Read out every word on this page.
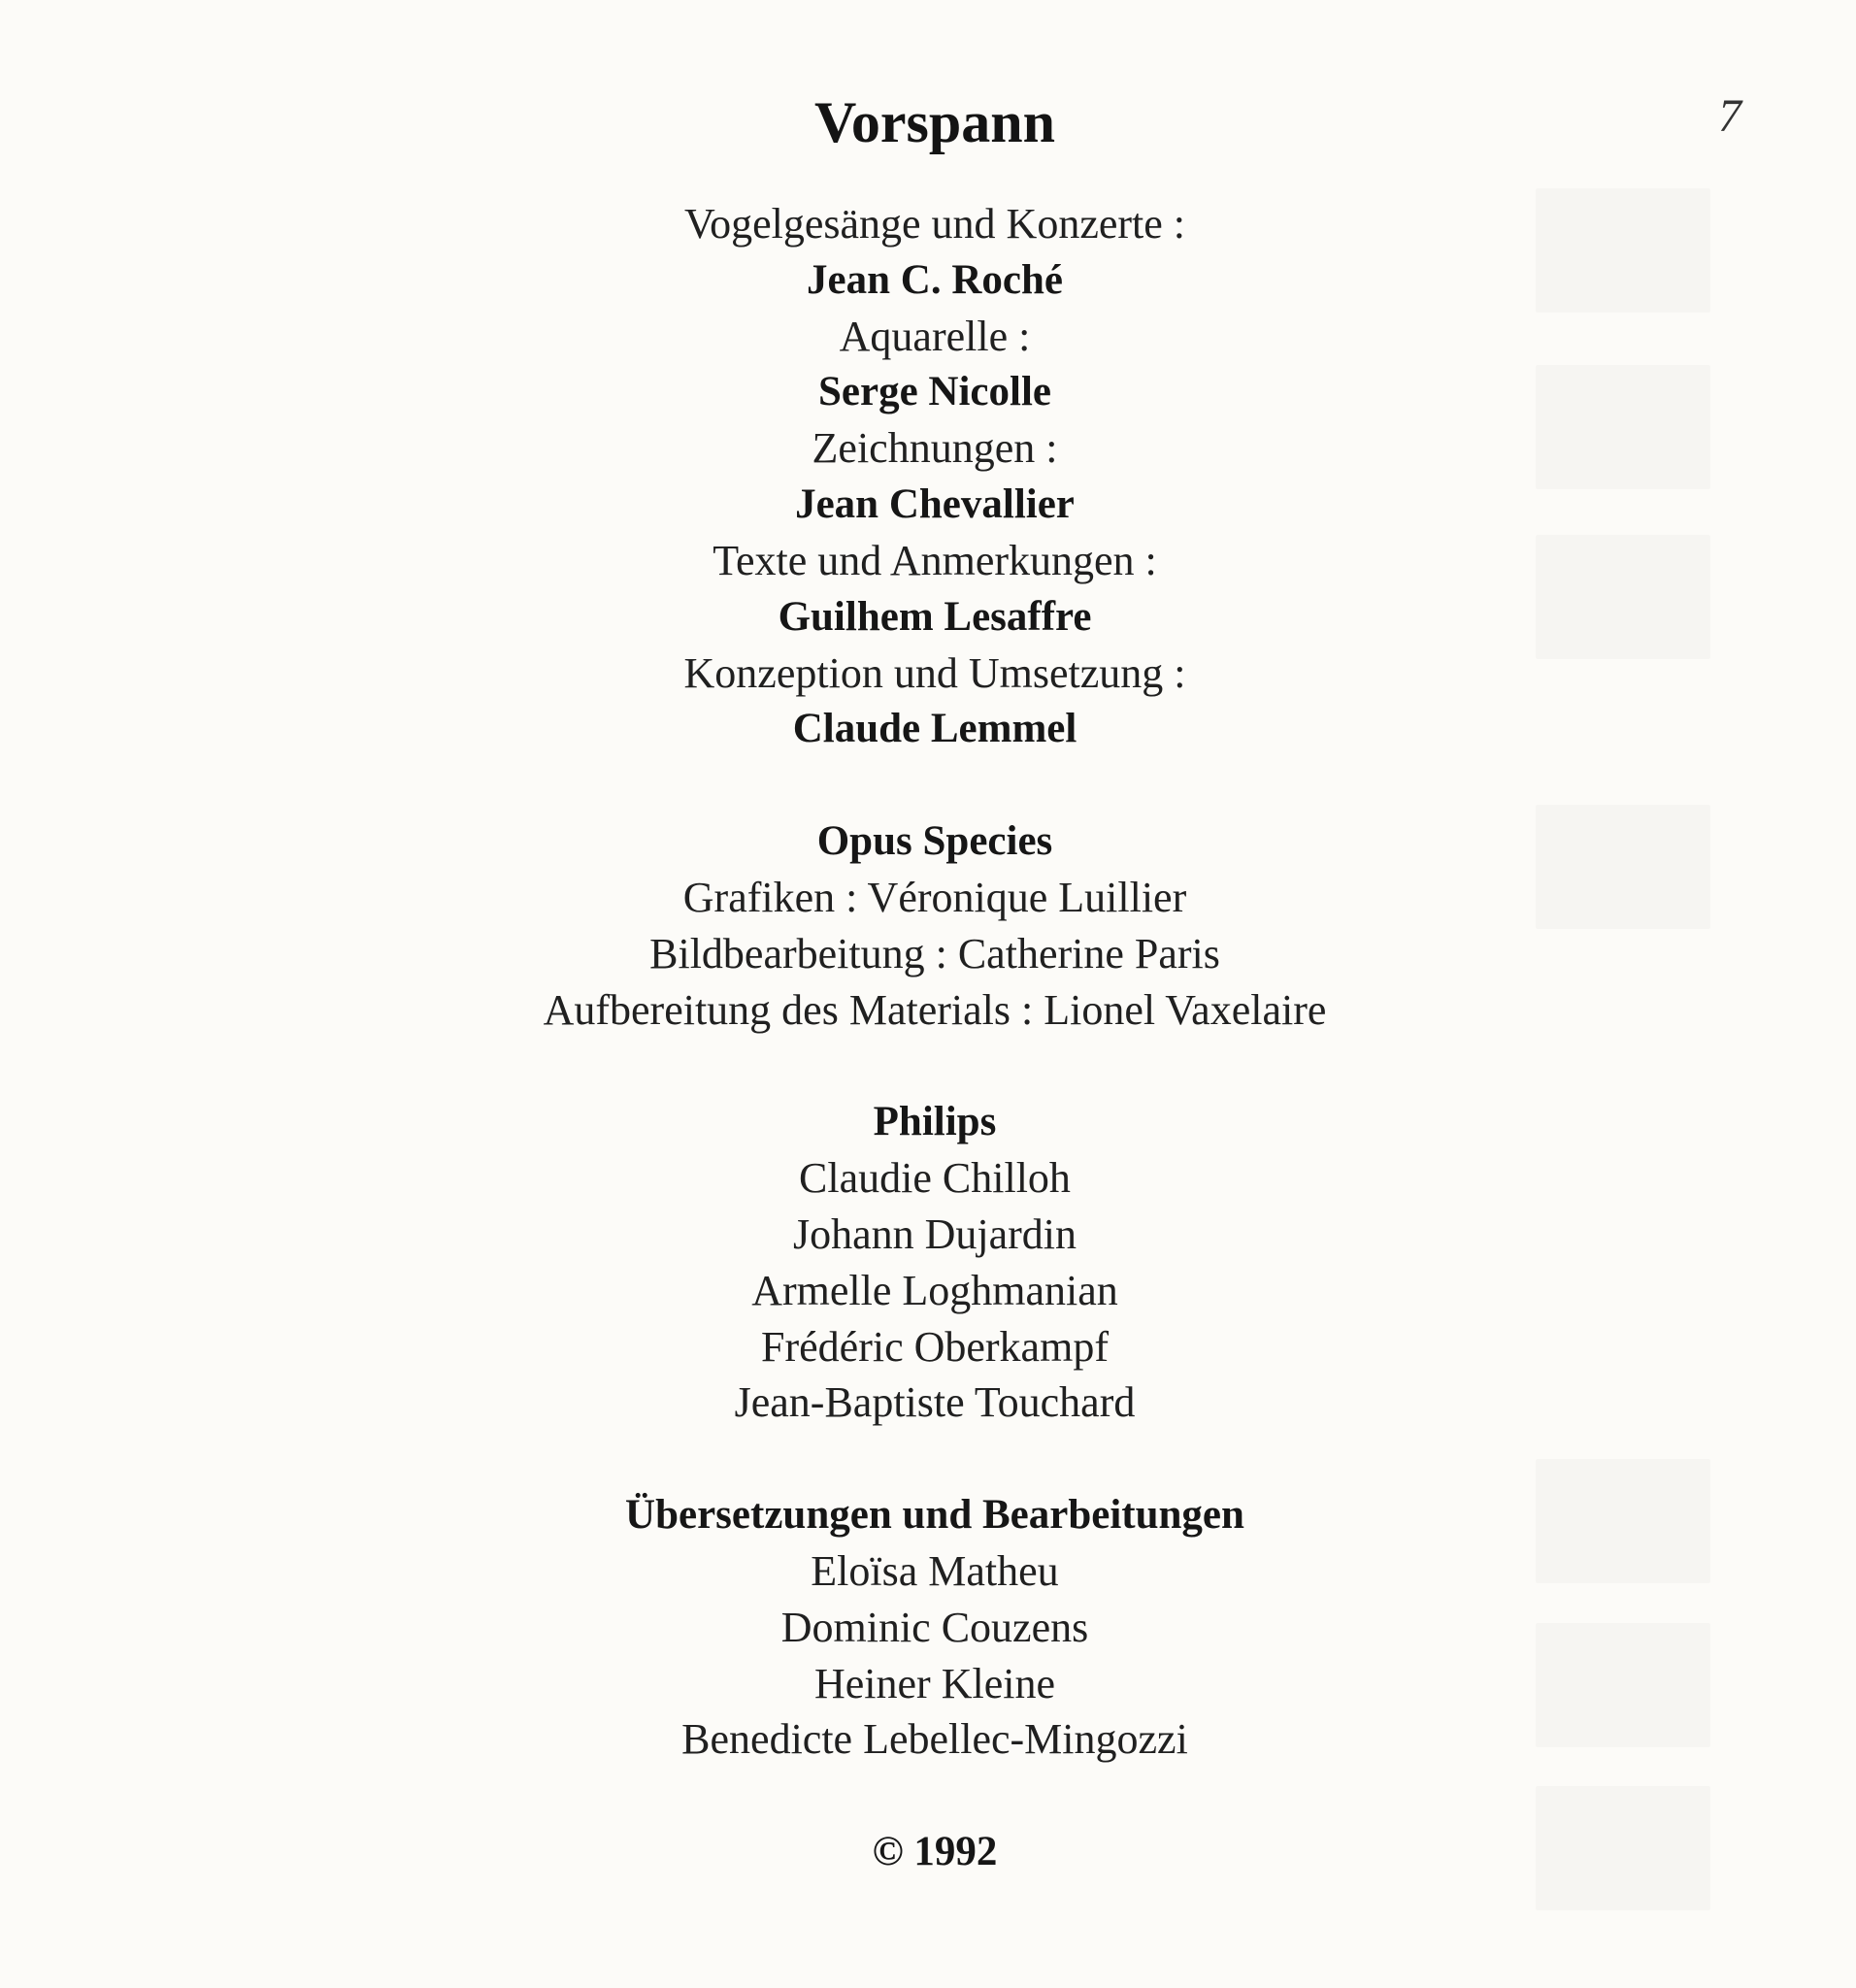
Vorspann	7
Vogelgesänge und Konzerte :
Jean C. Roché
Aquarelle :
Serge Nicolle
Zeichnungen :
Jean Chevallier
Texte und Anmerkungen :
Guilhem Lesaffre
Konzeption und Umsetzung :
Claude Lemmel
Opus Species
Grafiken : Véronique Luillier
Bildbearbeitung : Catherine Paris
Aufbereitung des Materials : Lionel Vaxelaire
Philips
Claudie Chilloh
Johann Dujardin
Armelle Loghmanian
Frédéric Oberkampf
Jean-Baptiste Touchard
Übersetzungen und Bearbeitungen
Eloïsa Matheu
Dominic Couzens
Heiner Kleine
Benedicte Lebellec-Mingozzi
© 1992
